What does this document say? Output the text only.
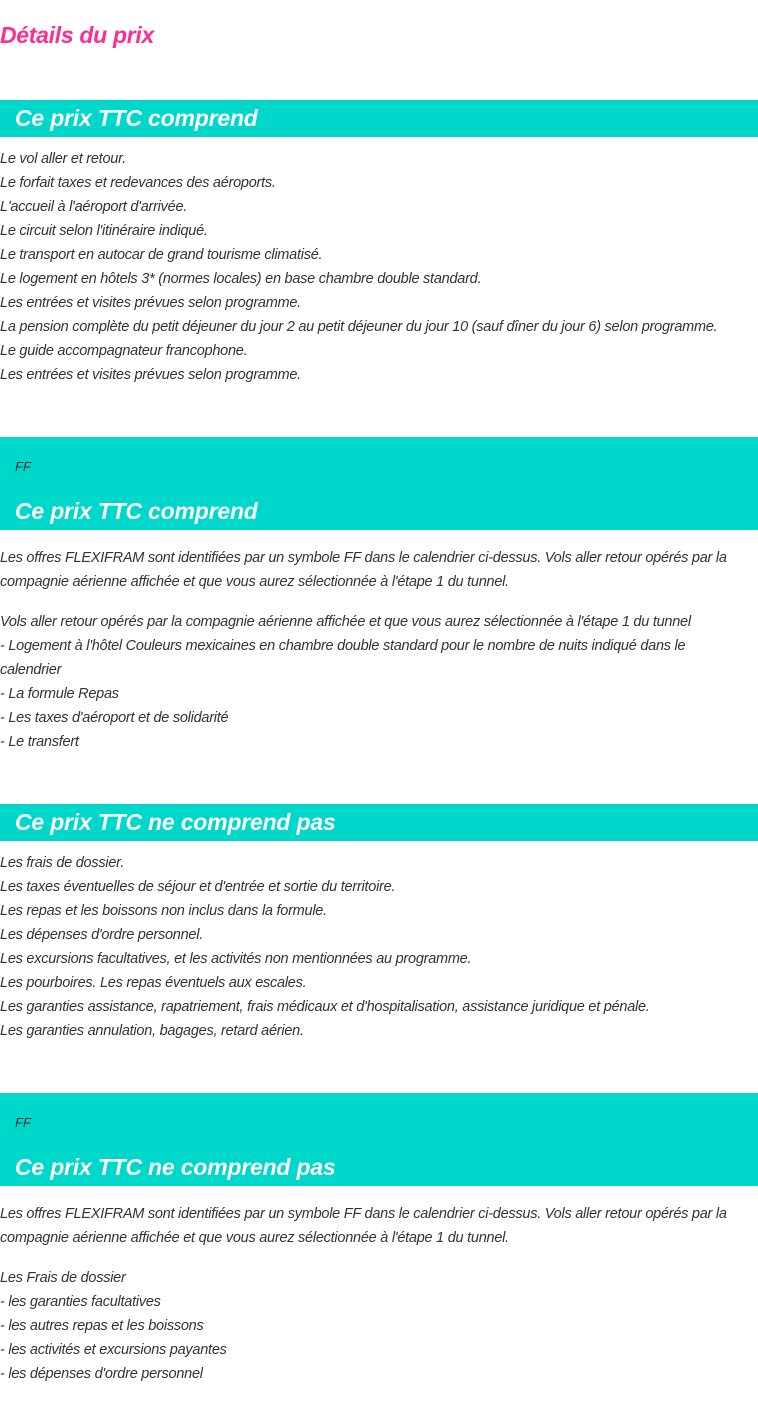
Détails du prix
Ce prix TTC comprend
Le vol aller et retour.
Le forfait taxes et redevances des aéroports.
L'accueil à l'aéroport d'arrivée.
Le circuit selon l'itinéraire indiqué.
Le transport en autocar de grand tourisme climatisé.
Le logement en hôtels 3* (normes locales) en base chambre double standard.
Les entrées et visites prévues selon programme.
La pension complète du petit déjeuner du jour 2 au petit déjeuner du jour 10 (sauf dîner du jour 6) selon programme.
Le guide accompagnateur francophone.
Les entrées et visites prévues selon programme.
FF
Ce prix TTC comprend

Les offres FLEXIFRAM sont identifiées par un symbole FF dans le calendrier ci-dessus. Vols aller retour opérés par la
compagnie aérienne affichée et que vous aurez sélectionnée à l'étape 1 du tunnel.

Vols aller retour opérés par la compagnie aérienne affichée et que vous aurez sélectionnée à l'étape 1 du tunnel
- Logement à l'hôtel Couleurs mexicaines en chambre double standard pour le nombre de nuits indiqué dans le
calendrier
- La formule Repas
- Les taxes d'aéroport et de solidarité
- Le transfert
Ce prix TTC ne comprend pas
Les frais de dossier.
Les taxes éventuelles de séjour et d'entrée et sortie du territoire.
Les repas et les boissons non inclus dans la formule.
Les dépenses d'ordre personnel.
Les excursions facultatives, et les activités non mentionnées au programme.
Les pourboires. Les repas éventuels aux escales.
Les garanties assistance, rapatriement, frais médicaux et d'hospitalisation, assistance juridique et pénale.
Les garanties annulation, bagages, retard aérien.
FF
Ce prix TTC ne comprend pas

Les offres FLEXIFRAM sont identifiées par un symbole FF dans le calendrier ci-dessus. Vols aller retour opérés par la
compagnie aérienne affichée et que vous aurez sélectionnée à l'étape 1 du tunnel.

Les Frais de dossier
- les garanties facultatives
- les autres repas et les boissons
- les activités et excursions payantes
- les dépenses d'ordre personnel
